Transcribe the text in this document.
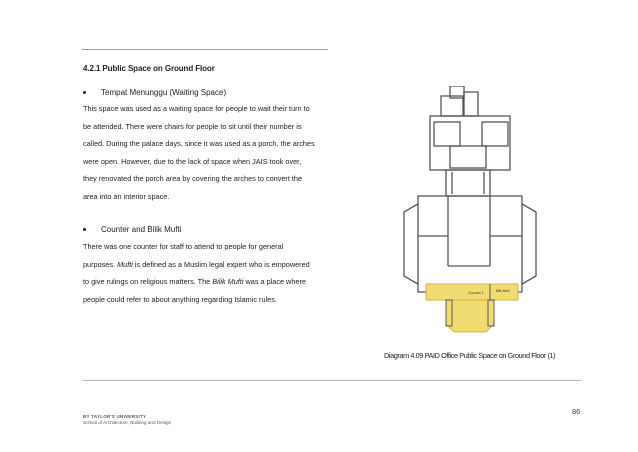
4.2.1 Public Space on Ground Floor
Tempat Menunggu (Waiting Space)
This space was used as a waiting space for people to wait their turn to
be attended. There were chairs for people to sit until their number is
called. During the palace days, since it was used as a porch, the arches
were open. However, due to the lack of space when JAIS took over,
they renovated the porch area by covering the arches to convert the
area into an interior space.
Counter and Bilik Mufti
There was one counter for staff to attend to people for general
purposes. Mufti is defined as a Muslim legal expert who is empowered
to give rulings on religious matters. The Bilik Mufti was a place where
people could refer to about anything regarding Islamic rules.
Counter 1	Bilik Mufti
Diagram 4.09 PAID Office Public Space on Ground Floor (1)
86
BY TAYLOR'S UNIVERSITY
School of Architecture, Building and Design
